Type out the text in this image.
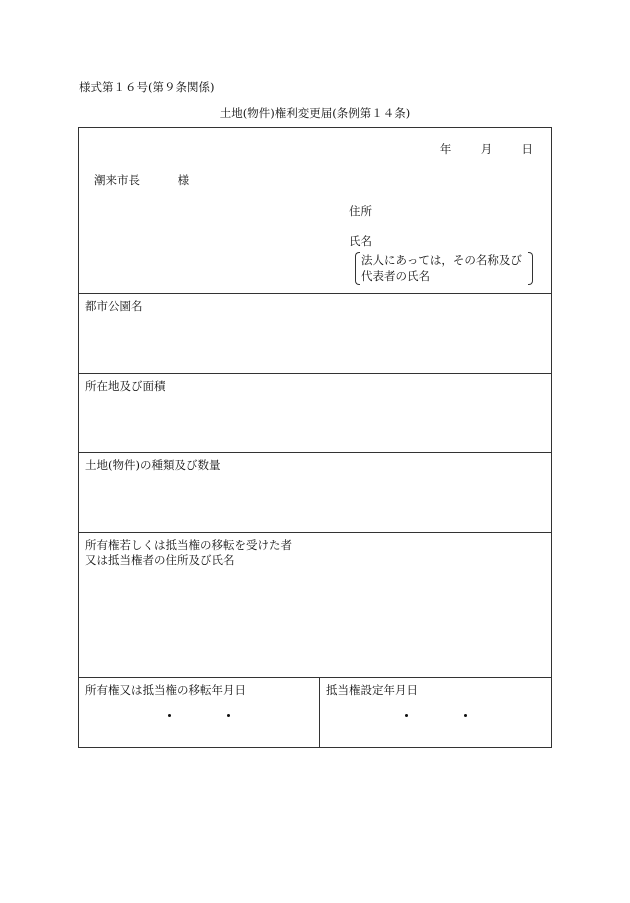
様式第１６号(第９条関係)
土地(物件)権利変更届(条例第１４条)
年	月	日
潮来市長	様
住所
氏名
法人にあっては，その名称及び
代表者の氏名
都市公園名
所在地及び面積
土地(物件)の種類及び数量
所有権若しくは抵当権の移転を受けた者
又は抵当権者の住所及び氏名
所有権又は抵当権の移転年月日	抵当権設定年月日
